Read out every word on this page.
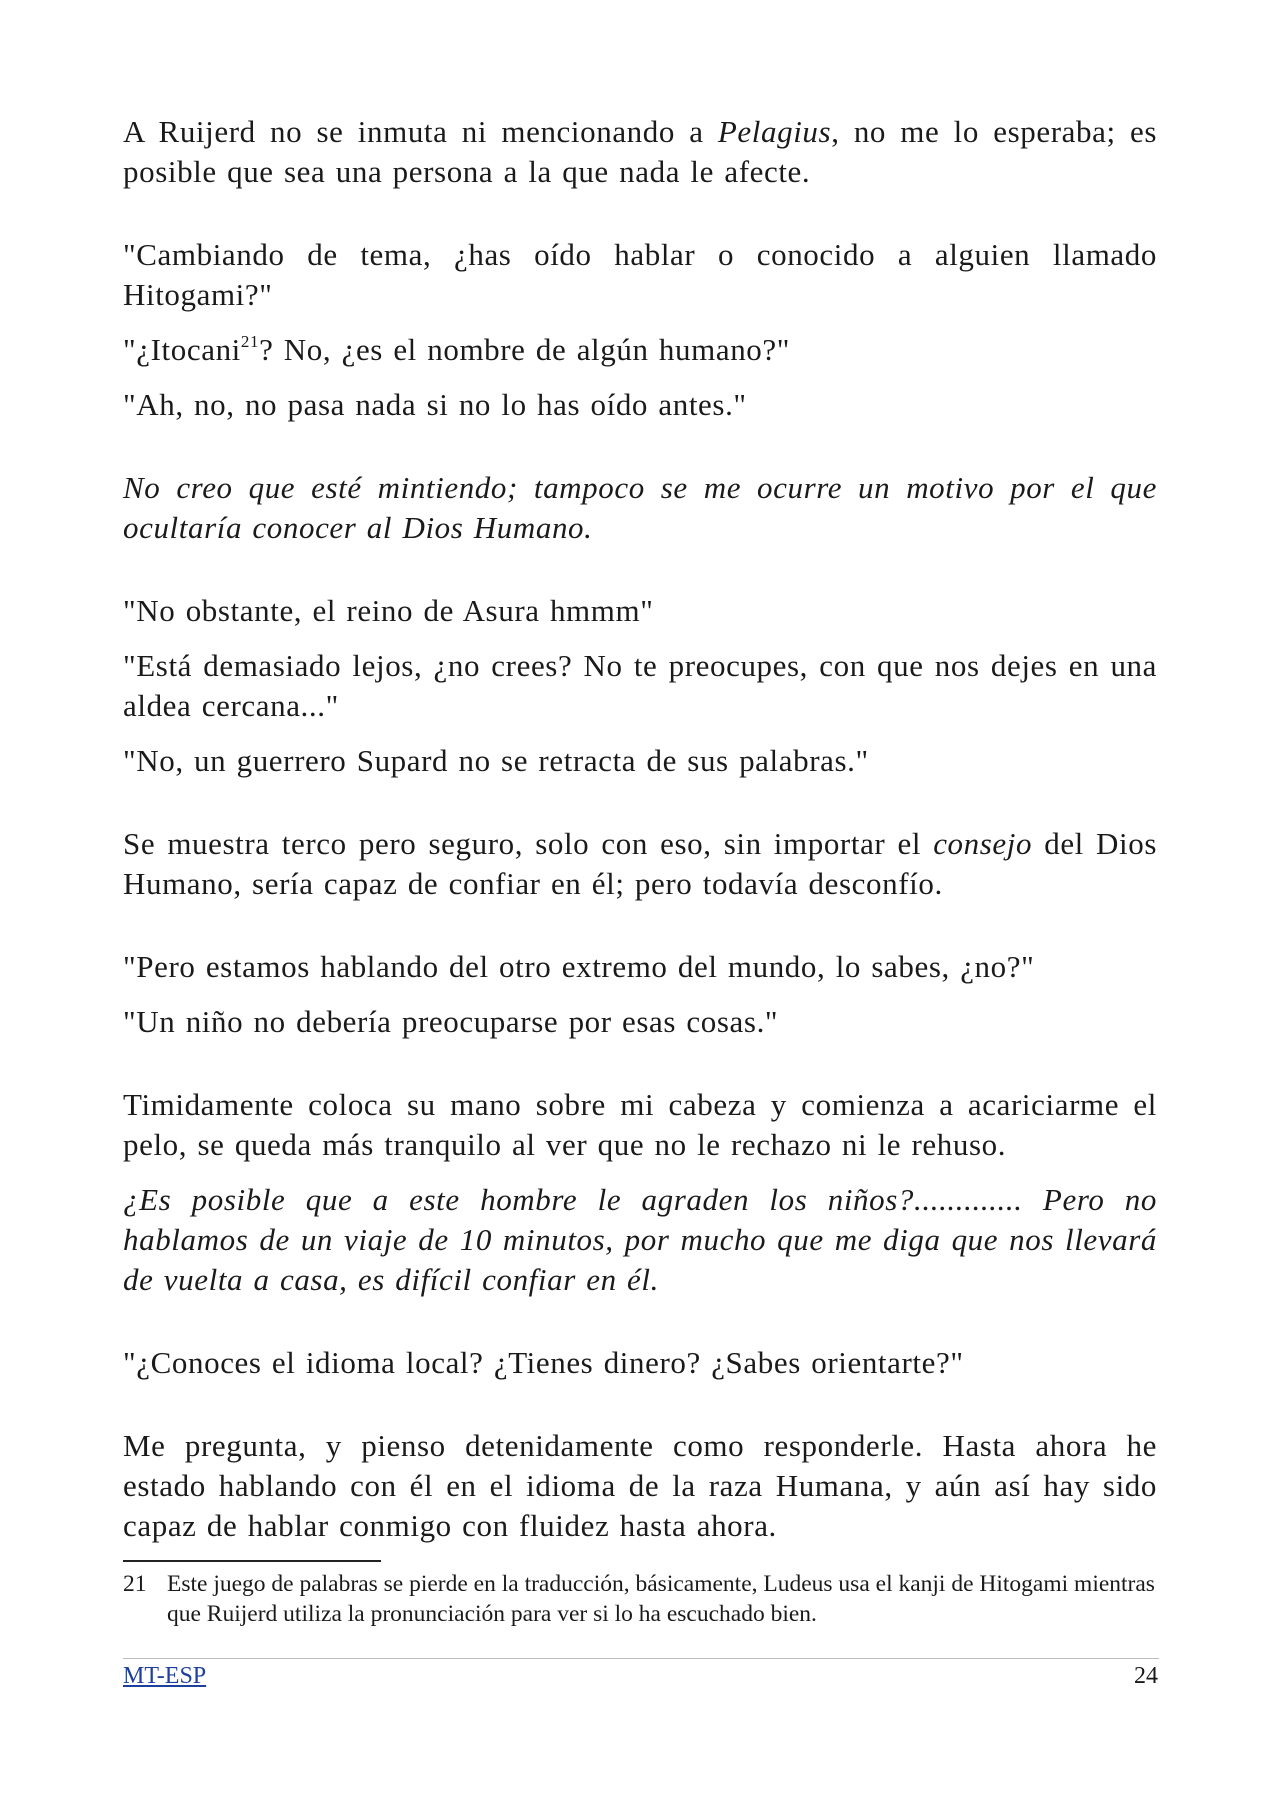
A Ruijerd no se inmuta ni mencionando a Pelagius, no me lo esperaba; es posible que sea una persona a la que nada le afecte.

"Cambiando de tema, ¿has oído hablar o conocido a alguien llamado Hitogami?"

"¿Itocani$^{21}$? No, ¿es el nombre de algún humano?"

"Ah, no, no pasa nada si no lo has oído antes."

No creo que esté mintiendo; tampoco se me ocurre un motivo por el que ocultaría conocer al Dios Humano.

"No obstante, el reino de Asura hmmm"

"Está demasiado lejos, ¿no crees? No te preocupes, con que nos dejes en una aldea cercana..."

"No, un guerrero Supard no se retracta de sus palabras."

Se muestra terco pero seguro, solo con eso, sin importar el consejo del Dios Humano, sería capaz de confiar en él; pero todavía desconfío.

"Pero estamos hablando del otro extremo del mundo, lo sabes, ¿no?"

"Un niño no debería preocuparse por esas cosas."

Timidamente coloca su mano sobre mi cabeza y comienza a acariciarme el pelo, se queda más tranquilo al ver que no le rechazo ni le rehuso.

¿Es posible que a este hombre le agraden los niños?............. Pero no hablamos de un viaje de 10 minutos, por mucho que me diga que nos llevará de vuelta a casa, es difícil confiar en él.

"¿Conoces el idioma local? ¿Tienes dinero? ¿Sabes orientarte?"

Me pregunta, y pienso detenidamente como responderle. Hasta ahora he estado hablando con él en el idioma de la raza Humana, y aún así hay sido capaz de hablar conmigo con fluidez hasta ahora.

21 Este juego de palabras se pierde en la traducción, básicamente, Ludeus usa el kanji de Hitogami mientras que Ruijerd utiliza la pronunciación para ver si lo ha escuchado bien.
MT-ESP	24
